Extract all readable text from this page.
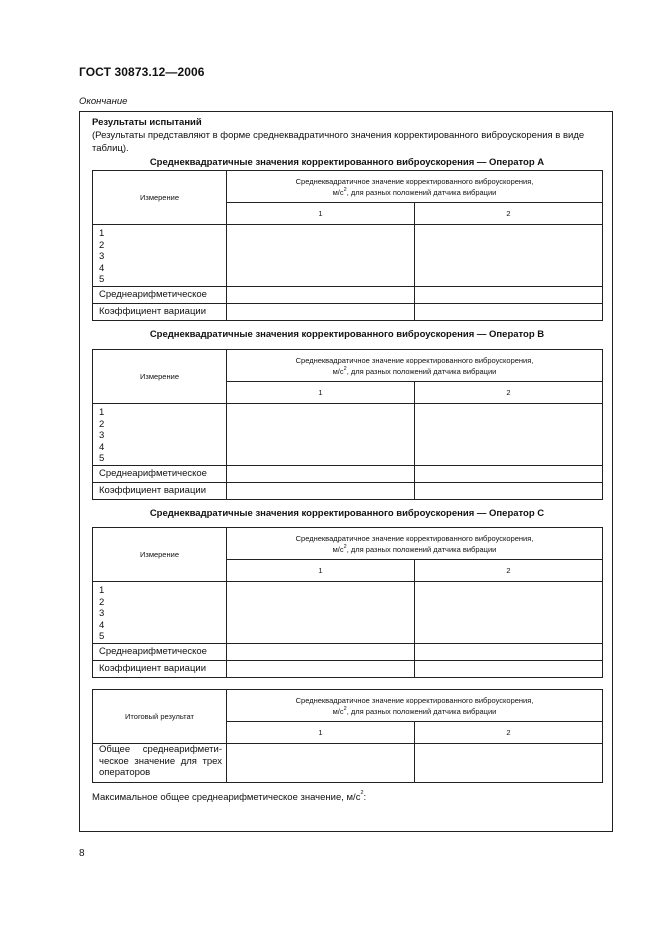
ГОСТ 30873.12—2006
Окончание
Результаты испытаний
(Результаты представляют в форме среднеквадратичного значения корректированного виброускорения в виде таблиц).
Среднеквадратичные значения корректированного виброускорения — Оператор А
Измерение	Среднеквадратичное значение корректированного виброускорения,
$м/с^2$, для разных положений датчика вибрации	
	1	2

1
2
3
4
5		

Среднеарифметическое		
Коэффициент вариации		
Среднеквадратичные значения корректированного виброускорения — Оператор В
Измерение	Среднеквадратичное значение корректированного виброускорения,
$м/с^2$, для разных положений датчика вибрации	
	1	2

1
2
3
4
5		

Среднеарифметическое		
Коэффициент вариации		
Среднеквадратичные значения корректированного виброускорения — Оператор С
Измерение	Среднеквадратичное значение корректированного виброускорения,
$м/с^2$, для разных положений датчика вибрации	
	1	2

1
2
3
4
5		

Среднеарифметическое		
Коэффициент вариации		
Итоговый результат	Среднеквадратичное значение корректированного виброускорения,
$м/с^2$, для разных положений датчика вибрации	
	1	2

Общее среднеарифмети-
ческое значение для трех
операторов		

Максимальное общее среднеарифметическое значение, $м/с^2$:
8
